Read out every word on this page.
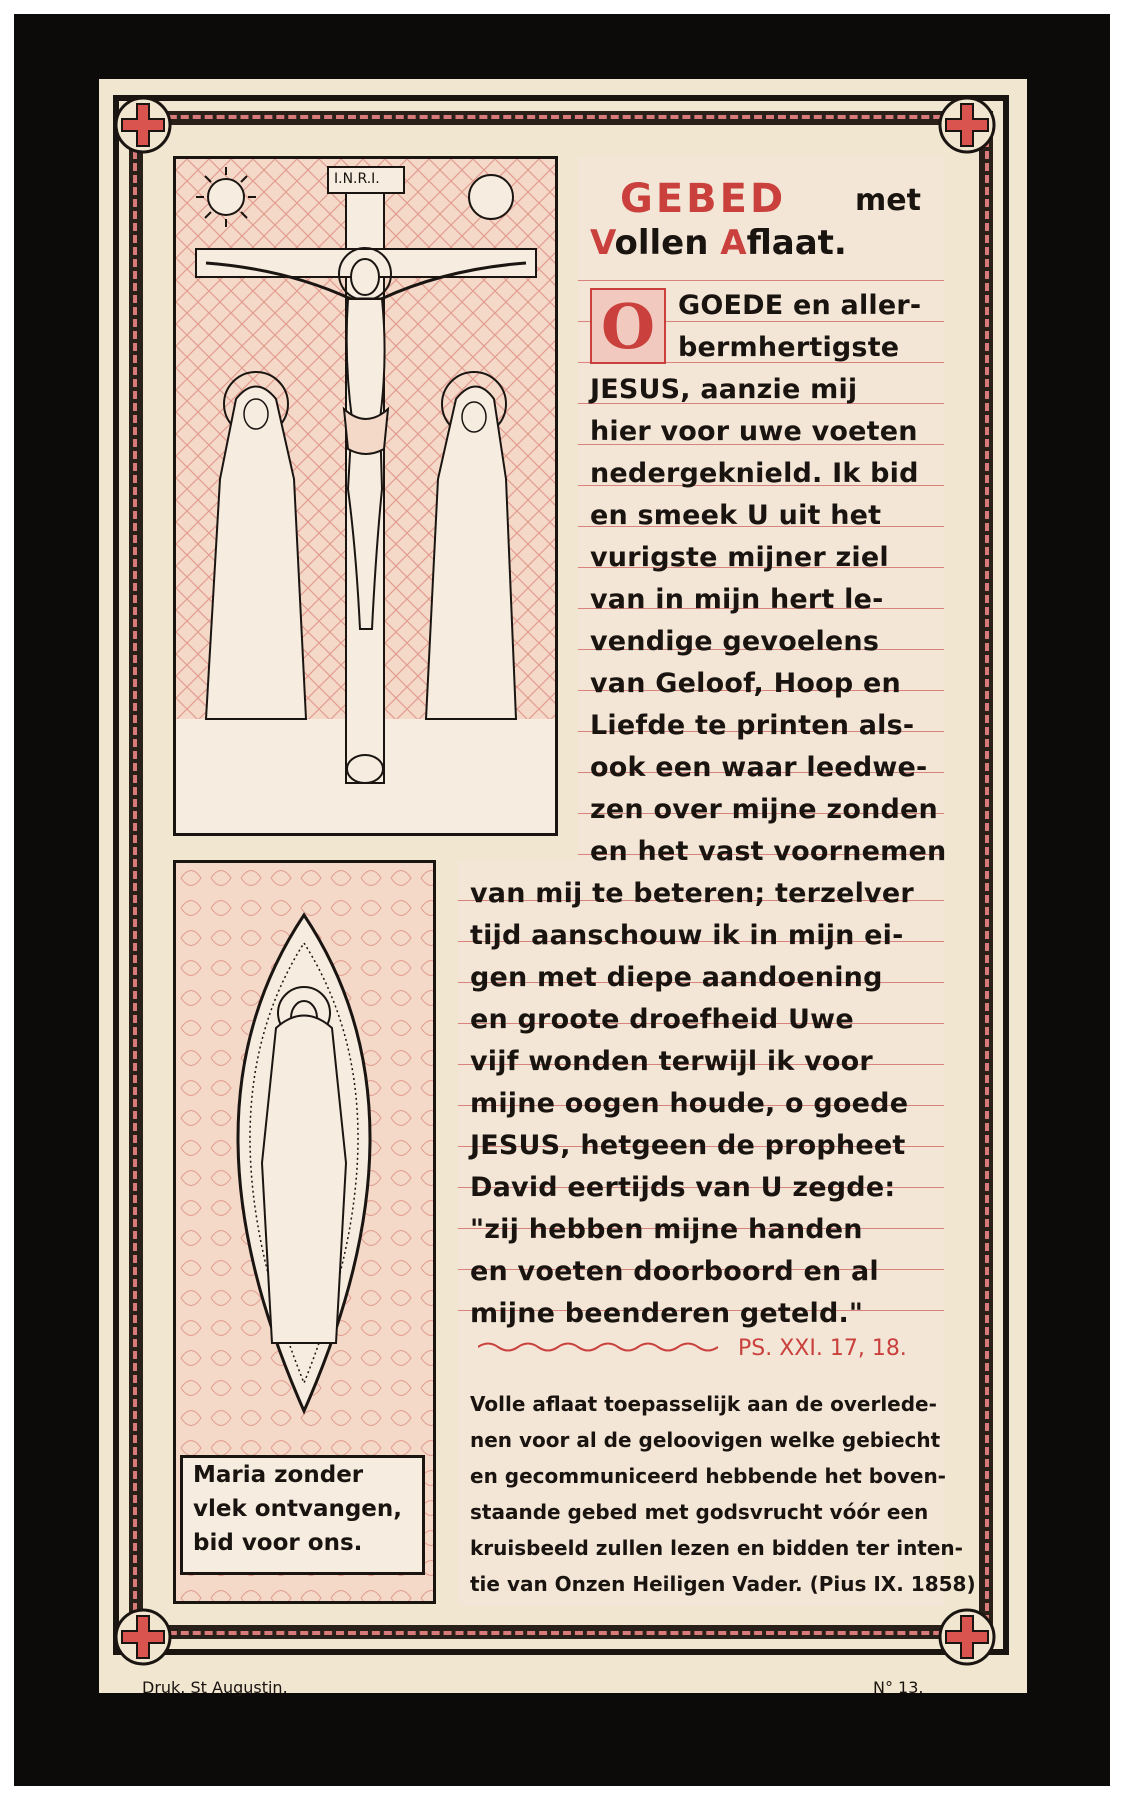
I.N.R.I.
Maria zonder
vlek ontvangen,
bid voor ons.
GEBED met
Vollen Aflaat.
O GOEDE en aller-
bermhertigste
JESUS, aanzie mij
hier voor uwe voeten
nedergeknield. Ik bid
en smeek U uit het
vurigste mijner ziel
van in mijn hert le-
vendige gevoelens
van Geloof, Hoop en
Liefde te printen als-
ook een waar leedwe-
zen over mijne zonden
en het vast voornemen
van mij te beteren; terzelver
tijd aanschouw ik in mijn ei-
gen met diepe aandoening
en groote droefheid Uwe
vijf wonden terwijl ik voor
mijne oogen houde, o goede
JESUS, hetgeen de propheet
David eertijds van U zegde:
"zij hebben mijne handen
en voeten doorboord en al
mijne beenderen geteld."
PS. XXI. 17, 18.
Volle aflaat toepasselijk aan de overlede-
nen voor al de geloovigen welke gebiecht
en gecommuniceerd hebbende het boven-
staande gebed met godsvrucht vóór een
kruisbeeld zullen lezen en bidden ter inten-
tie van Onzen Heiligen Vader. (Pius IX. 1858)
Druk. St Augustin.	N° 13.
